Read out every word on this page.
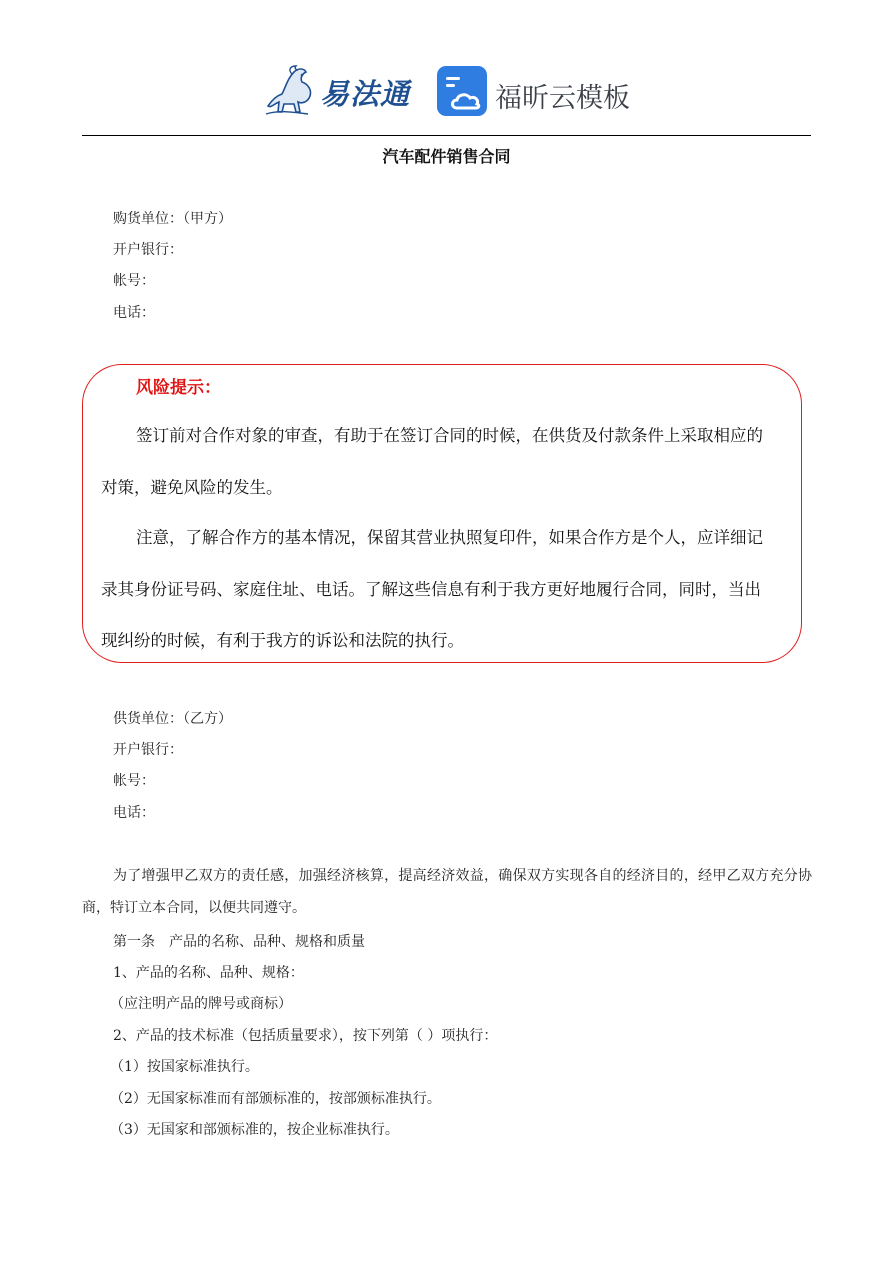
易法通	福昕云模板
汽车配件销售合同
购货单位：（甲方）
开户银行：
帐号：
电话：
风险提示：
签订前对合作对象的审查，有助于在签订合同的时候，在供货及付款条件上采取相应的
对策，避免风险的发生。
注意，了解合作方的基本情况，保留其营业执照复印件，如果合作方是个人，应详细记
录其身份证号码、家庭住址、电话。了解这些信息有利于我方更好地履行合同，同时，当出
现纠纷的时候，有利于我方的诉讼和法院的执行。
供货单位：（乙方）
开户银行：
帐号：
电话：
为了增强甲乙双方的责任感，加强经济核算，提高经济效益，确保双方实现各自的经济目的，经甲乙双方充分协商，特订立本合同，以便共同遵守。
第一条　产品的名称、品种、规格和质量
1、产品的名称、品种、规格：
（应注明产品的牌号或商标）
2、产品的技术标准（包括质量要求），按下列第（ ）项执行：
（1）按国家标准执行。
（2）无国家标准而有部颁标准的，按部颁标准执行。
（3）无国家和部颁标准的，按企业标准执行。
